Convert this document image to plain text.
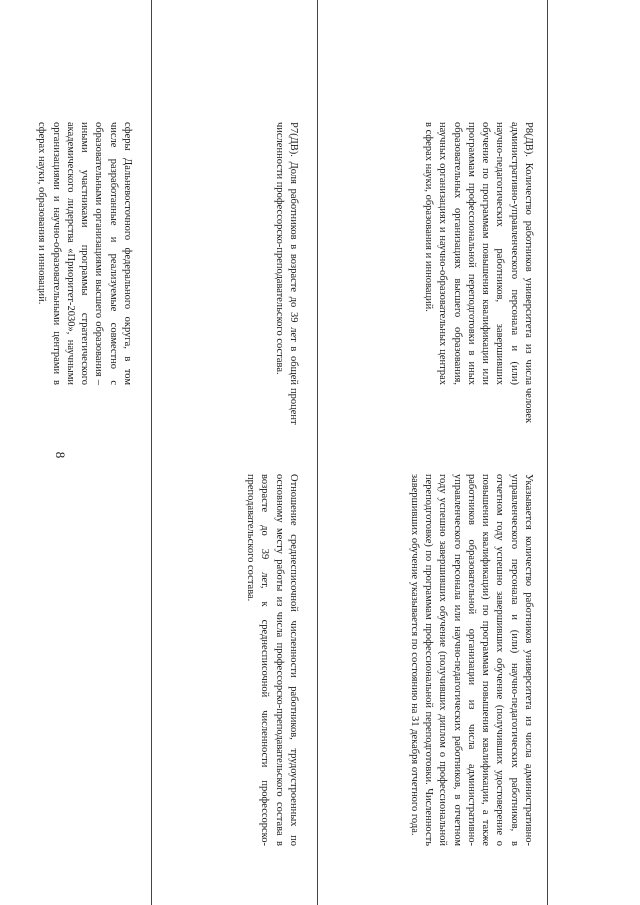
сферы Дальневосточного федерального округа, в том числе разработанные и реализуемые совместно с образовательными организациями высшего образования – иными участниками программы стратегического академического лидерства «Приоритет-2030», научными организациями и научно-образовательными центрами в сферах науки, образования и инноваций.	P7(ДВ). Доля работников в возрасте до 39 лет в общей численности профессорско-преподавательского состава.

процент

Отношение среднесписочной численности работников, трудоустроенных по основному месту работы из числа профессорско-преподавательского состава в возрасте до 39 лет, к среднесписочной численности профессорско-преподавательского состава.

P8(ДВ). Количество работников университета из числа административно-управленческого персонала и (или) научно-педагогических работников, завершивших обучение по программам повышения квалификации или программам профессиональной переподготовки в иных образовательных организациях высшего образования, научных организациях и научно-образовательных центрах в сферах науки, образования и инноваций.

человек

Указывается количество работников университета из числа административно-управленческого персонала и (или) научно-педагогических работников, в отчетном году успешно завершивших обучение (получивших удостоверение о повышении квалификации) по программам повышения квалификации, а также работников образовательной организации из числа административно-управленческого персонала или научно-педагогических работников, в отчетном году успешно завершивших обучение (получивших диплом о профессиональной переподготовке) по программам профессиональной переподготовки. Численность завершивших обучение указывается по состоянию на 31 декабря отчетного года.

8
